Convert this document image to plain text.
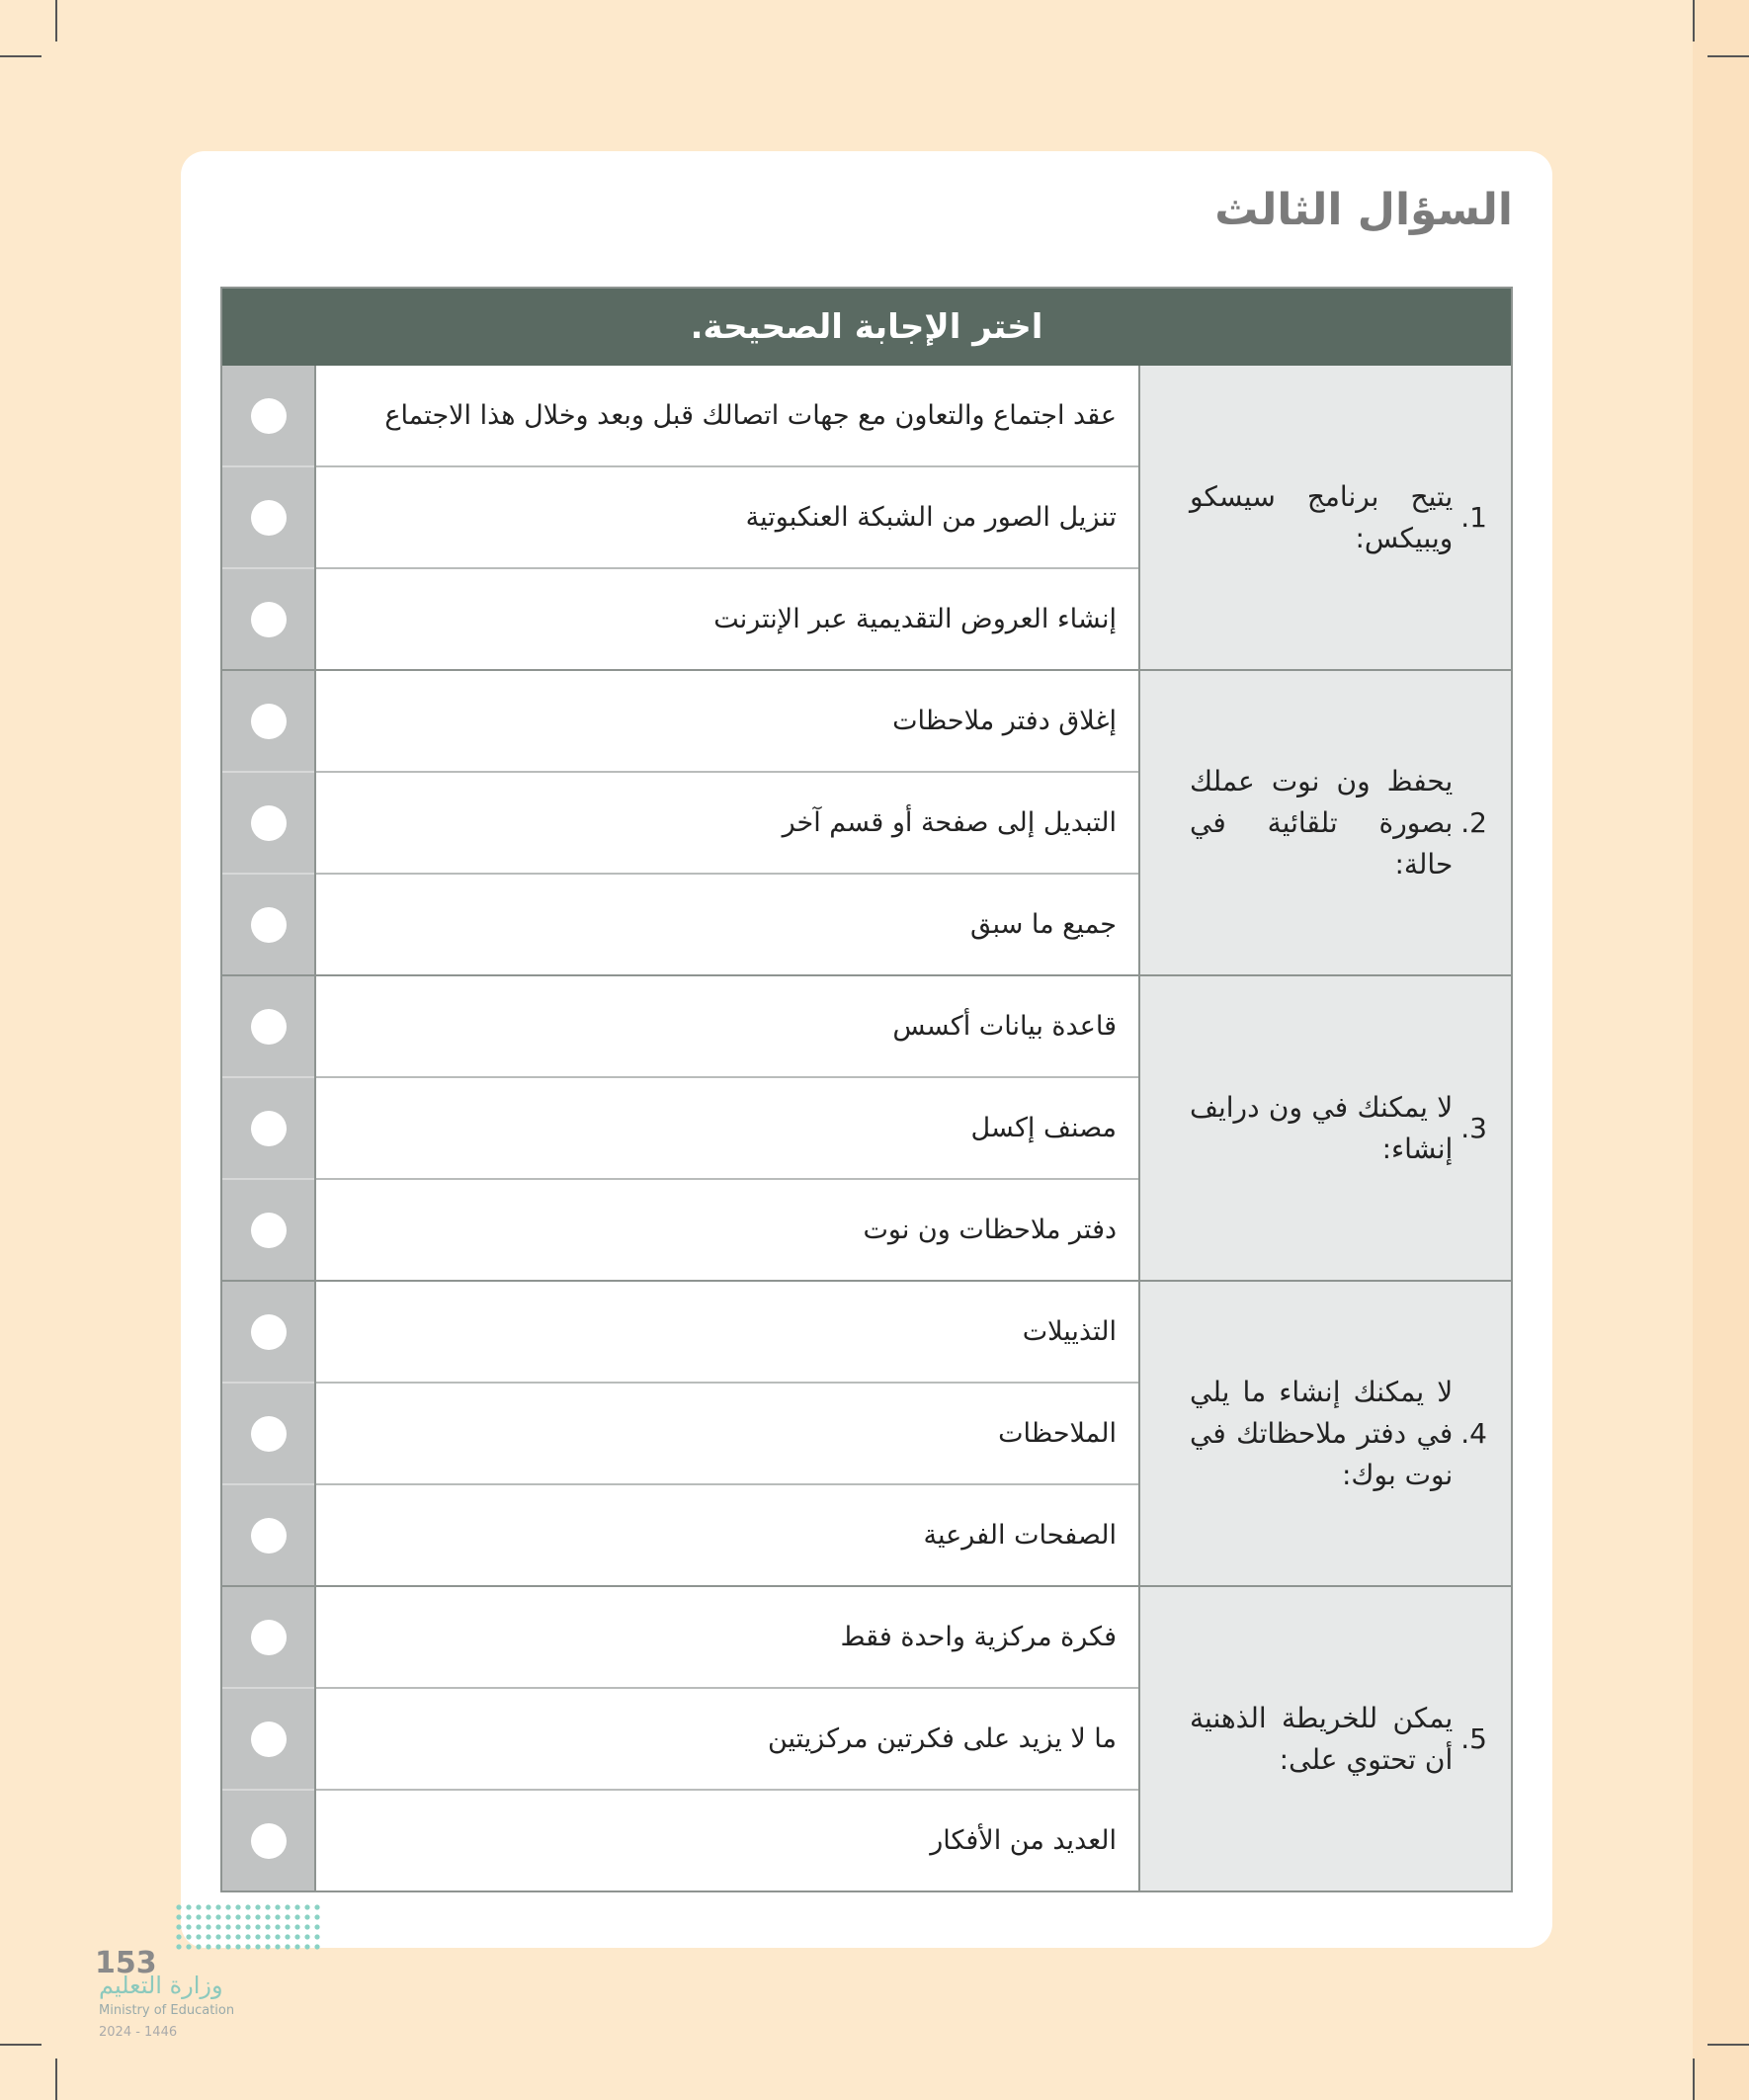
السؤال الثالث
اختر الإجابة الصحيحة.
عقد اجتماع والتعاون مع جهات اتصالك قبل وبعد وخلال هذا الاجتماع
تنزيل الصور من الشبكة العنكبوتية
إنشاء العروض التقديمية عبر الإنترنت
1.
يتيح برنامج سيسكو ويبيكس:
إغلاق دفتر ملاحظات
التبديل إلى صفحة أو قسم آخر
جميع ما سبق
2.
يحفظ ون نوت عملك بصورة تلقائية في حالة:
قاعدة بيانات أكسس
مصنف إكسل
دفتر ملاحظات ون نوت
3.
لا يمكنك في ون درايف إنشاء:
التذييلات
الملاحظات
الصفحات الفرعية
4.
لا يمكنك إنشاء ما يلي في دفتر ملاحظاتك في نوت بوك:
فكرة مركزية واحدة فقط
ما لا يزيد على فكرتين مركزيتين
العديد من الأفكار
5.
يمكن للخريطة الذهنية أن تحتوي على:
153
وزارة التعليم
Ministry of Education
2024 - 1446
